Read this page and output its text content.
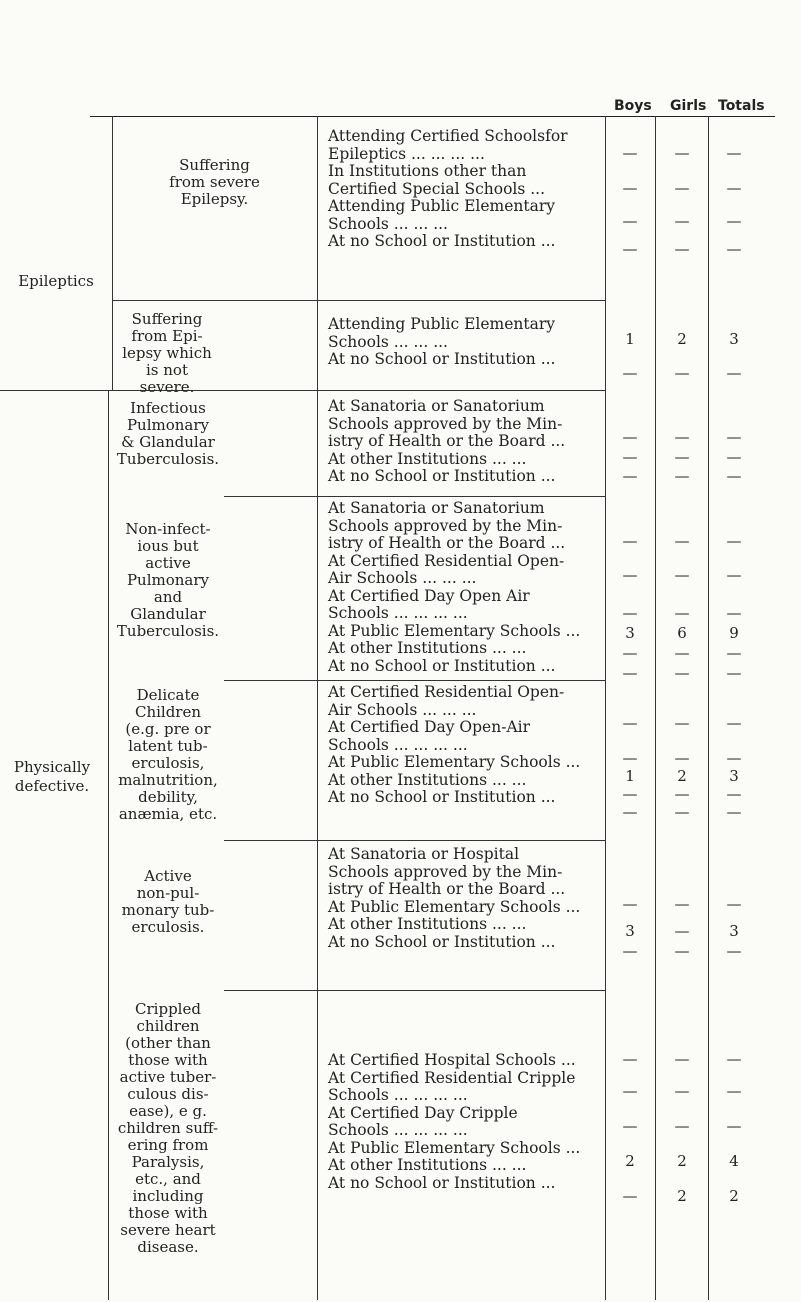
Boys Girls Totals
Epileptics
Physically defective.
Suffering
from severe
Epilepsy.
Suffering
from Epi-
lepsy which
is not
severe.
Infectious
Pulmonary
& Glandular
Tuberculosis.
Non-infect-
ious but
active
Pulmonary
and
Glandular
Tuberculosis.
Delicate
Children
(e.g. pre or
latent tub-
erculosis,
malnutrition,
debility,
anæmia, etc.
Active
non-pul-
monary tub-
erculosis.
Crippled
children
(other than
those with
active tuber-
culous dis-
ease), e g.
children suff-
ering from
Paralysis,
etc., and
including
those with
severe heart
disease.
Attending Certified Schoolsfor
Epileptics ... ... ... ...
In Institutions other than
Certified Special Schools ...
Attending Public Elementary
Schools ... ... ...
At no School or Institution ...
Attending Public Elementary
Schools ... ... ...
At no School or Institution ...
At Sanatoria or Sanatorium
Schools approved by the Min-
istry of Health or the Board ...
At other Institutions ... ...
At no School or Institution ...
At Sanatoria or Sanatorium
Schools approved by the Min-
istry of Health or the Board ...
At Certified Residential Open-
Air Schools ... ... ...
At Certified Day Open Air
Schools ... ... ... ...
At Public Elementary Schools ...
At other Institutions ... ...
At no School or Institution ...
At Certified Residential Open-
Air Schools ... ... ...
At Certified Day Open-Air
Schools ... ... ... ...
At Public Elementary Schools ...
At other Institutions ... ...
At no School or Institution ...
At Sanatoria or Hospital
Schools approved by the Min-
istry of Health or the Board ...
At Public Elementary Schools ...
At other Institutions ... ...
At no School or Institution ...
At Certified Hospital Schools ...
At Certified Residential Cripple
Schools ... ... ... ...
At Certified Day Cripple
Schools ... ... ... ...
At Public Elementary Schools ...
At other Institutions ... ...
At no School or Institution ...
—
—
—
—
—
—
—
—
—
—
—
—
1
—
2
—
3
—
—
—
—
—
—
—
—
—
—
—
—
—
3
—
—
—
—
—
6
—
—
—
—
—
9
—
—
—
—
1
—
—
—
—
2
—
—
—
—
3
—
—
—
3
—
—
—
—
—
3
—
—
—
—
2
—
—
—
—
2
2
—
—
—
4
2
